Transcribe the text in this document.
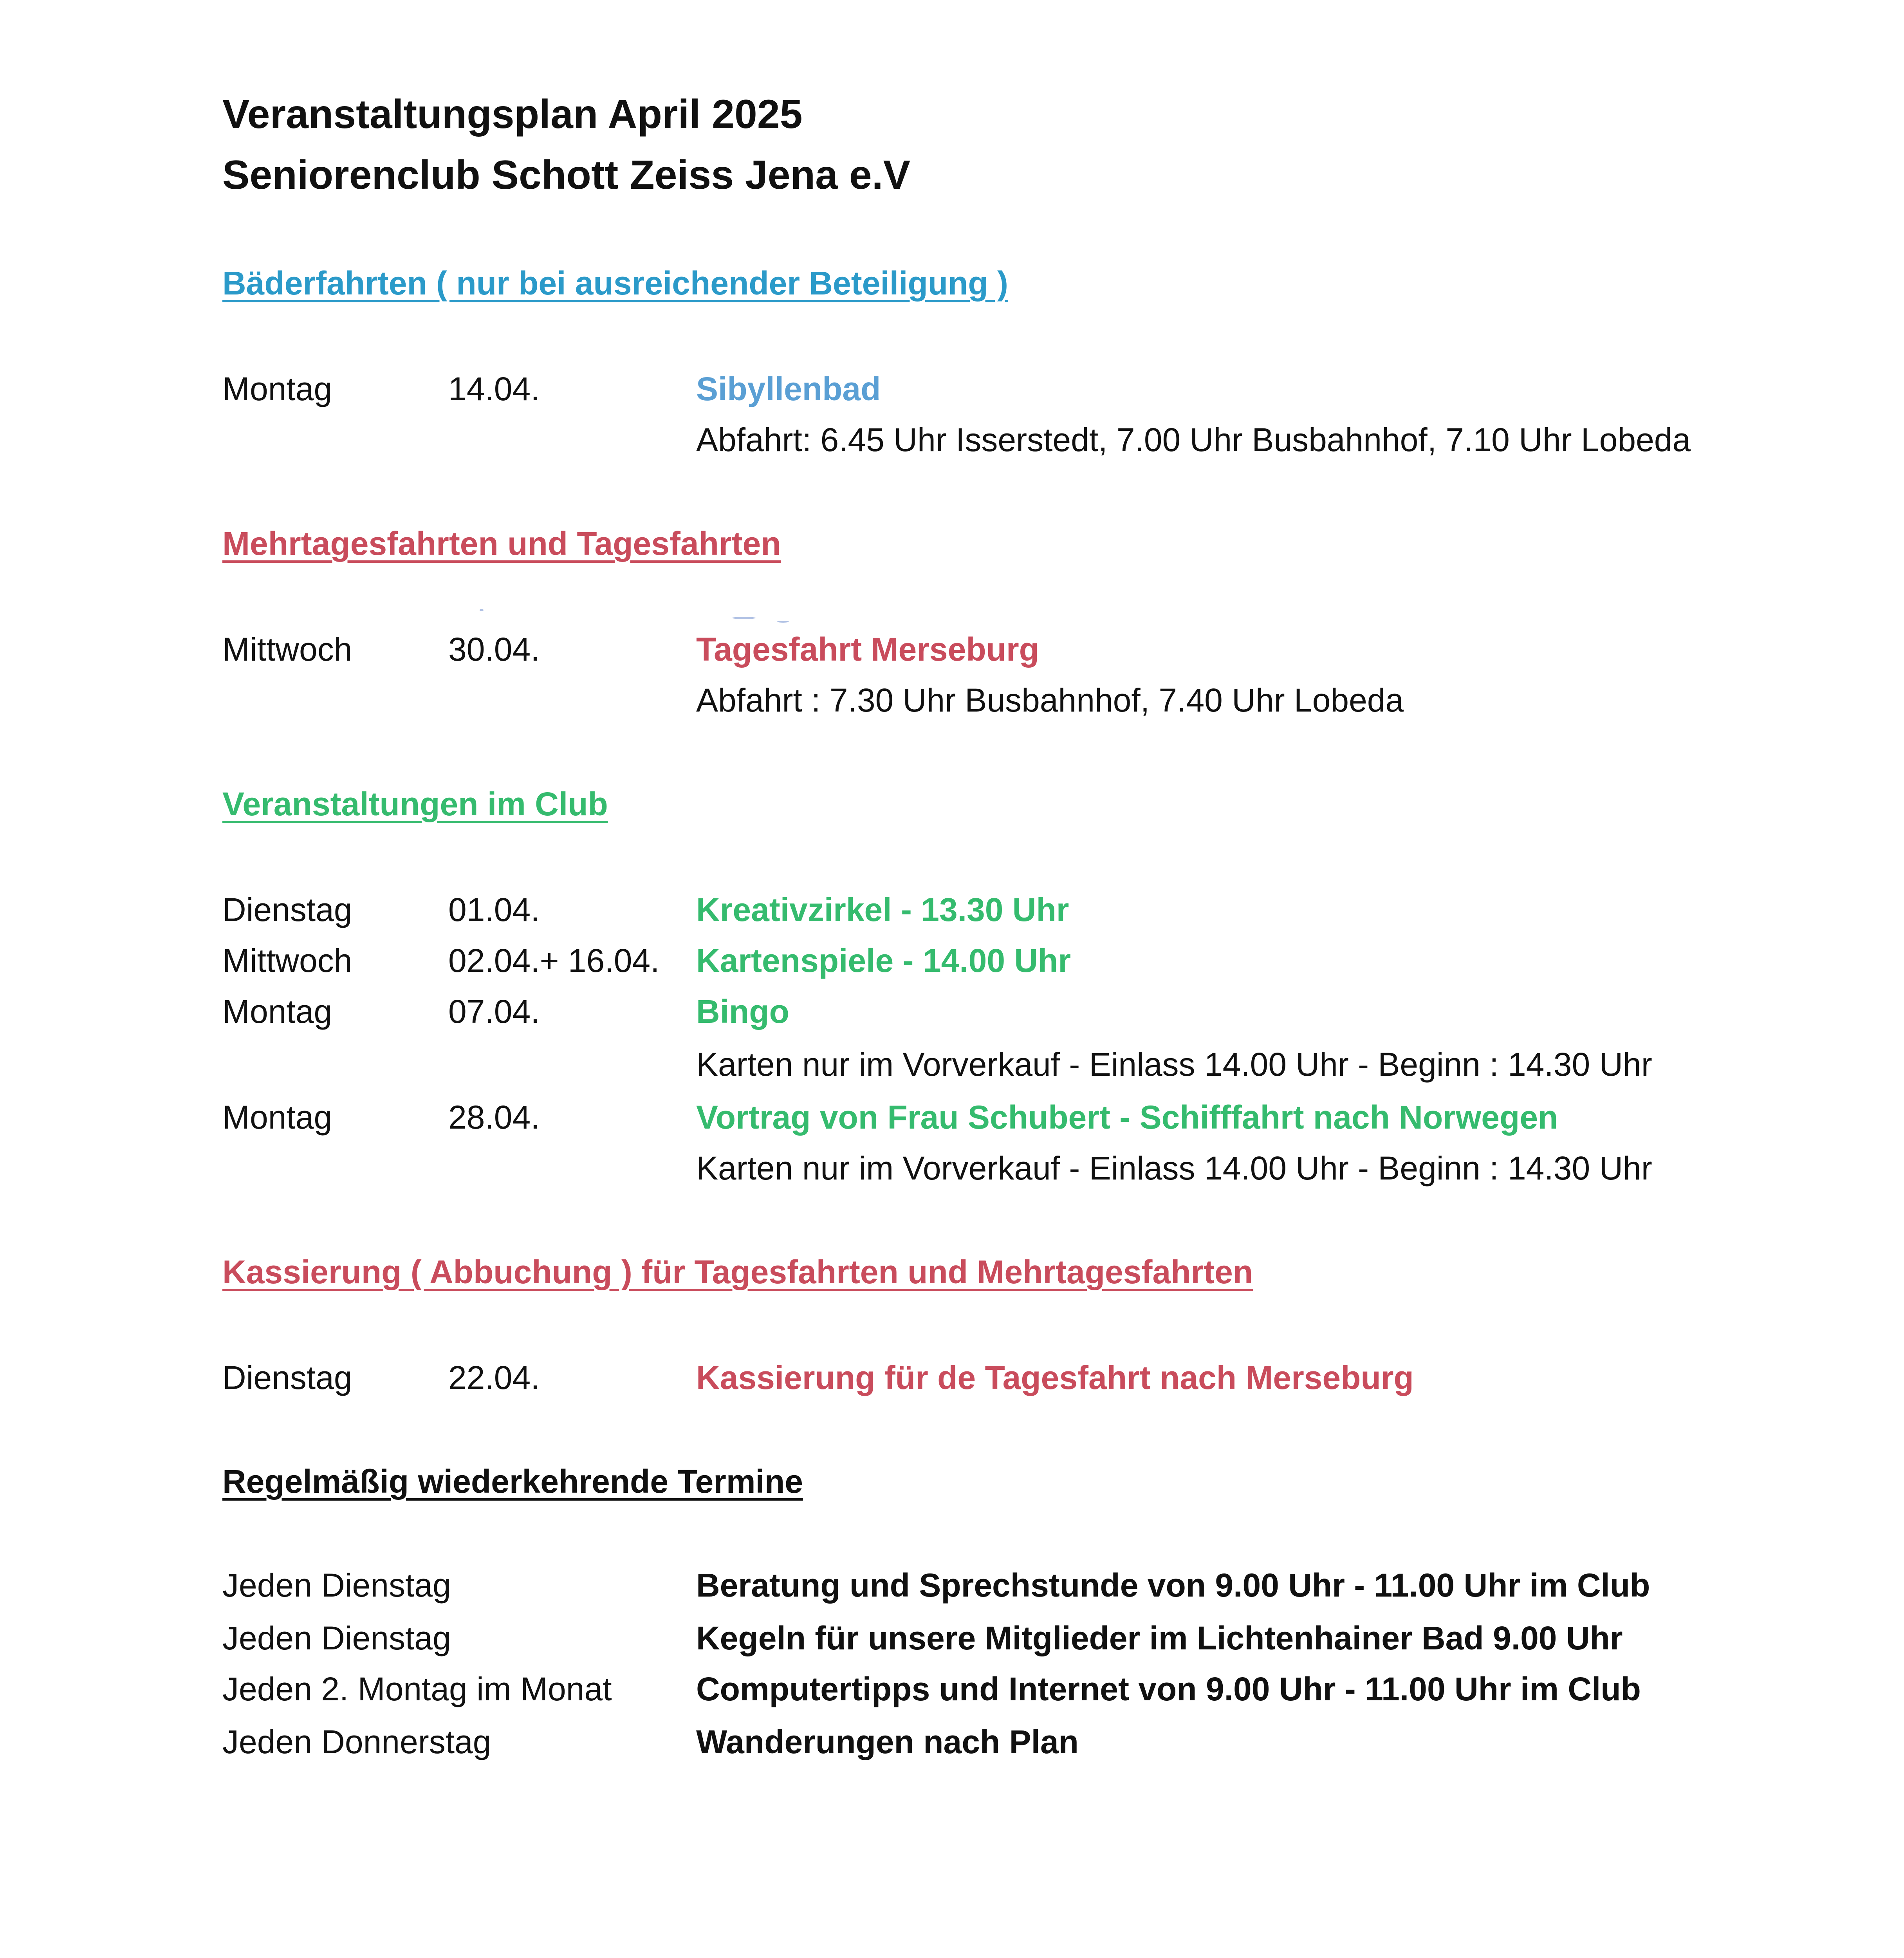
Veranstaltungsplan April 2025
Seniorenclub Schott Zeiss Jena e.V
Bäderfahrten ( nur bei ausreichender Beteiligung )
Montag	14.04.	Sibyllenbad
Abfahrt: 6.45 Uhr Isserstedt, 7.00 Uhr Busbahnhof, 7.10 Uhr Lobeda
Mehrtagesfahrten und Tagesfahrten
Mittwoch	30.04.	Tagesfahrt Merseburg
Abfahrt : 7.30 Uhr Busbahnhof, 7.40 Uhr Lobeda
Veranstaltungen im Club
Dienstag	01.04.	Kreativzirkel - 13.30 Uhr
Mittwoch	02.04.+ 16.04. Kartenspiele - 14.00 Uhr
Montag	07.04.	Bingo
Karten nur im Vorverkauf - Einlass 14.00 Uhr - Beginn : 14.30 Uhr
Montag	28.04.	Vortrag von Frau Schubert - Schifffahrt nach Norwegen
Karten nur im Vorverkauf - Einlass 14.00 Uhr - Beginn : 14.30 Uhr
Kassierung ( Abbuchung ) für Tagesfahrten und Mehrtagesfahrten
Dienstag	22.04.	Kassierung für de Tagesfahrt nach Merseburg
Regelmäßig wiederkehrende Termine
Jeden Dienstag	Beratung und Sprechstunde von 9.00 Uhr - 11.00 Uhr im Club
Jeden Dienstag	Kegeln für unsere Mitglieder im Lichtenhainer Bad 9.00 Uhr
Jeden 2. Montag im Monat	Computertipps und Internet von 9.00 Uhr - 11.00 Uhr im Club
Jeden Donnerstag	Wanderungen nach Plan
